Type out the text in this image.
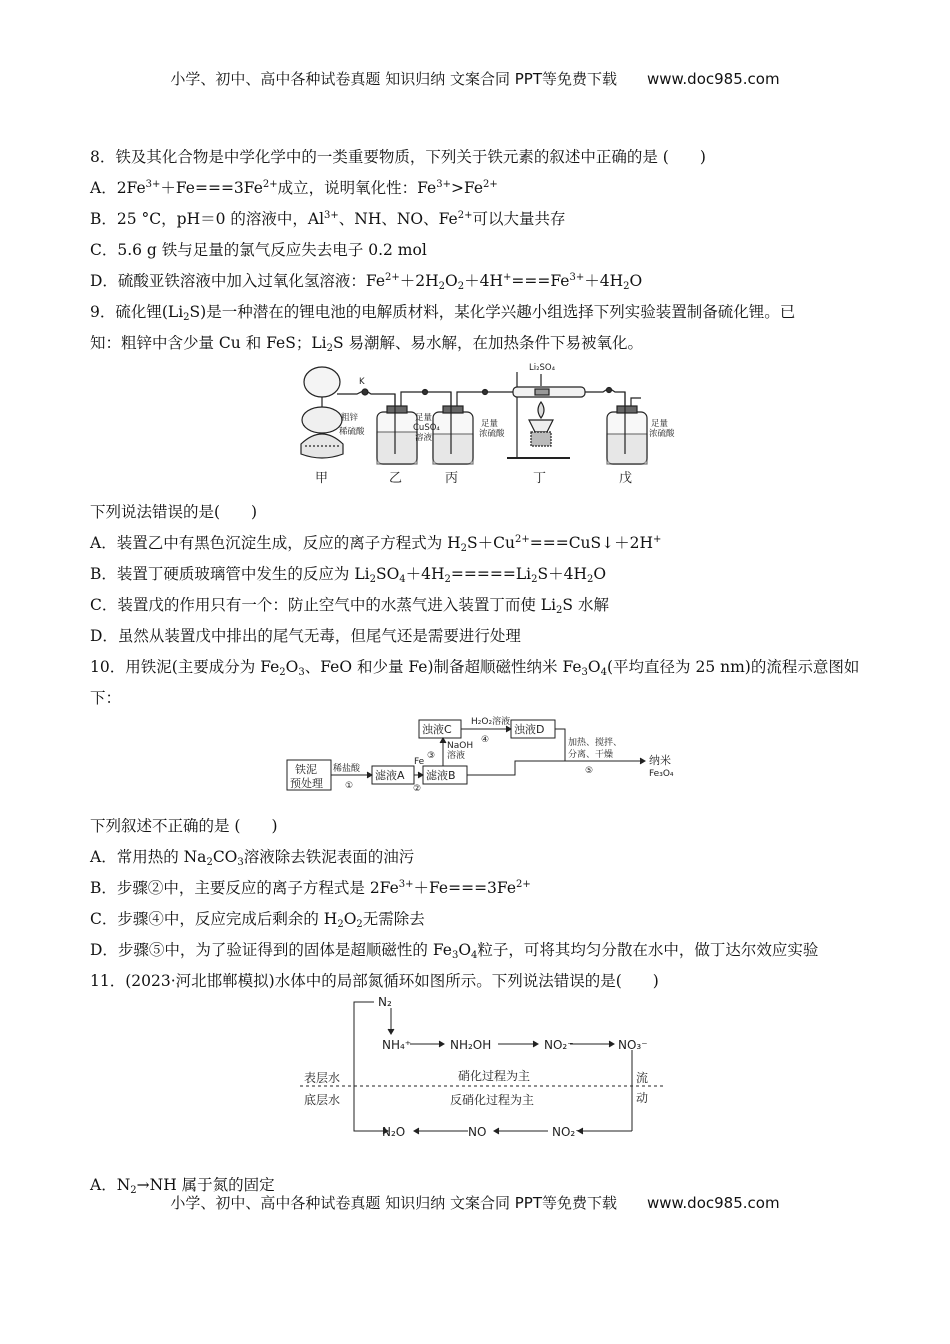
小学、初中、高中各种试卷真题 知识归纳 文案合同 PPT等免费下载 www.doc985.com
8．铁及其化合物是中学化学中的一类重要物质，下列关于铁元素的叙述中正确的是 (　　)
A．$2Fe^{3+}+Fe===3Fe^{2+}$成立，说明氧化性：$Fe^{3+}>Fe^{2+}$
B．25 °C，pH＝0 的溶液中，$Al^{3+}$、NH、NO、$Fe^{2+}$可以大量共存
C．5.6 g 铁与足量的氯气反应失去电子 0.2 mol
D．硫酸亚铁溶液中加入过氧化氢溶液：$Fe^{2+}+2H_2O_2+4H^+===Fe^{3+}+4H_2O$
9．硫化锂$(Li_2S)$是一种潜在的锂电池的电解质材料，某化学兴趣小组选择下列实验装置制备硫化锂。已
知：粗锌中含少量 Cu 和 FeS；$Li_2S$ 易潮解、易水解，在加热条件下易被氧化。
下列说法错误的是(　　)
A．装置乙中有黑色沉淀生成，反应的离子方程式为 $H_2S+Cu^{2+}===CuS↓+2H^+$
B．装置丁硬质玻璃管中发生的反应为 $Li_2SO_4+4H_2=====Li_2S+4H_2O$
C．装置戊的作用只有一个：防止空气中的水蒸气进入装置丁而使 $Li_2S$ 水解
D．虽然从装置戊中排出的尾气无毒，但尾气还是需要进行处理
10．用铁泥(主要成分为 $Fe_2O_3$、FeO 和少量 Fe)制备超顺磁性纳米 $Fe_3O_4$(平均直径为 25 nm)的流程示意图如
下：
下列叙述不正确的是 (　　)
A．常用热的 $Na_2CO_3$溶液除去铁泥表面的油污
B．步骤②中，主要反应的离子方程式是 $2Fe^{3+}+Fe===3Fe^{2+}$
C．步骤④中，反应完成后剩余的 $H_2O_2$无需除去
D．步骤⑤中，为了验证得到的固体是超顺磁性的 $Fe_3O_4$粒子，可将其均匀分散在水中，做丁达尔效应实验
11．(2023·河北邯郸模拟)水体中的局部氮循环如图所示。下列说法错误的是(　　)
A．$N_2\to NH$ 属于氮的固定
K
Li₂SO₄
粗锌
稀硫酸
足量
CuSO₄
溶液
足量
浓硫酸
足量
浓硫酸
甲	乙	丙	丁	戊
铁泥
预处理
滤液A 滤液B
浊液C	浊液D
纳米
稀盐酸
①
Fe
②
NaOH
溶液
③
H₂O₂溶液
④	加热、搅拌、
分离、干燥
⑤	Fe₃O₄
N₂
NH₄⁺	NH₂OH	NO₂⁻	NO₃⁻
表层水
底层水
硝化过程为主
反硝化过程为主
流
动
N₂O	NO	NO₂⁻
小学、初中、高中各种试卷真题 知识归纳 文案合同 PPT等免费下载 www.doc985.com
